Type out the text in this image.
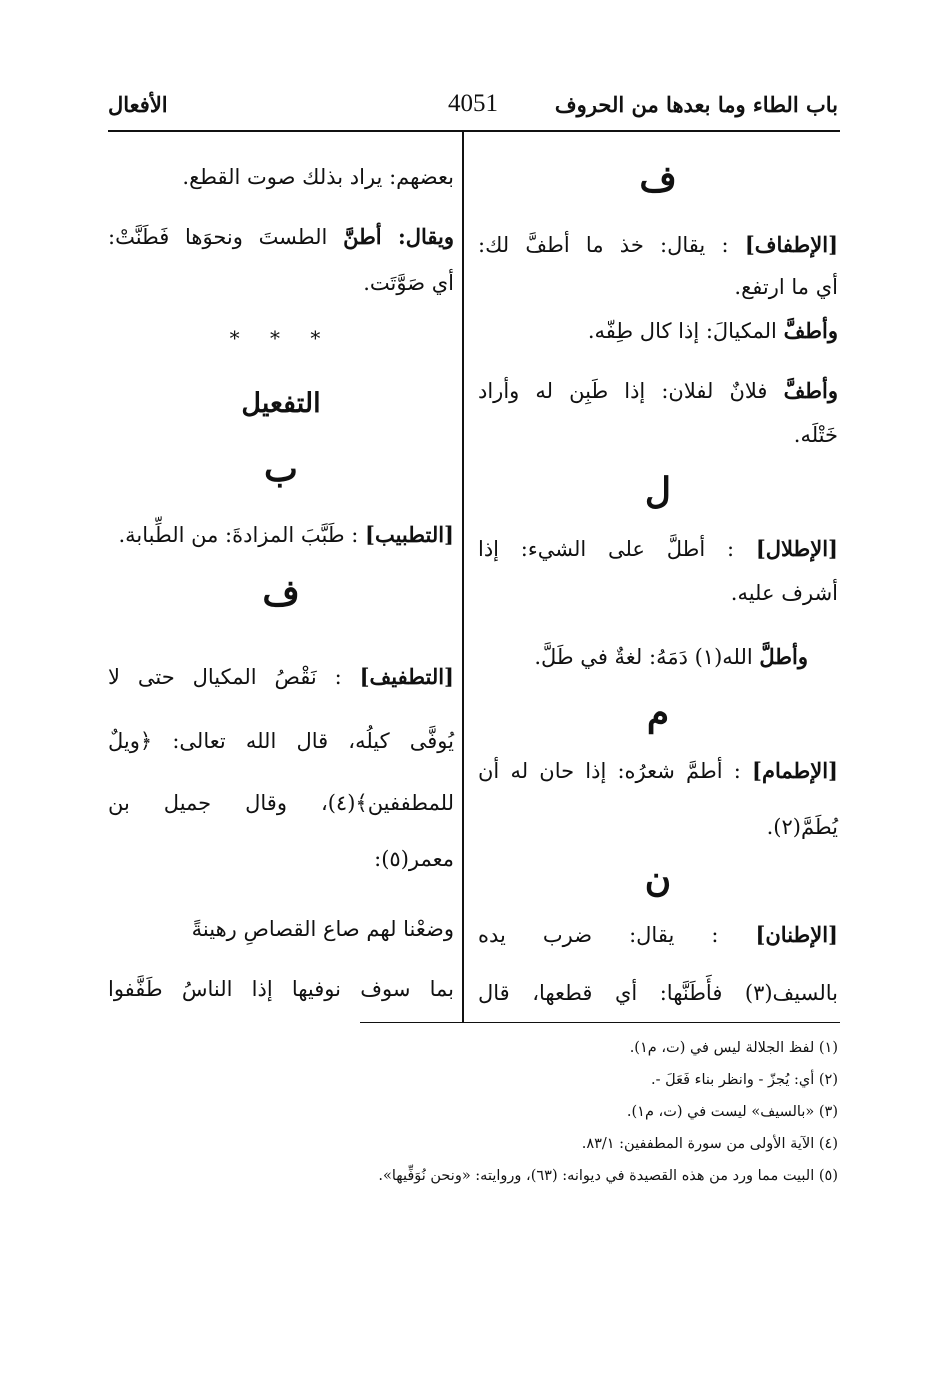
باب الطاء وما بعدها من الحروف
4051
الأفعال
ف
[الإطفاف] : يقال: خذ ما أطفَّ لك:
أي ما ارتفع.
وأطفَّ المكيالَ: إذا كال طِفّه.
وأطفَّ فلانٌ لفلان: إذا طَبِن له وأراد
خَتْلَه.
ل
[الإطلال] : أطلَّ على الشيء: إذا
أشرف عليه.
وأطلَّ الله(١) دَمَهُ: لغةٌ في طَلَّ.
م
[الإطمام] : أطمَّ شعرُه: إذا حان له أن
يُطَمَّ(٢).
ن
[الإطنان] : يقال: ضرب يده
بالسيف(٣) فأَطَنَّها: أي قطعها، قال
بعضهم: يراد بذلك صوت القطع.
ويقال: أطنَّ الطستَ ونحوَها فَطَنَّتْ:
أي صَوَّتَت.
* * *
التفعيل
ب
[التطبيب] : طَبَّبَ المزادةَ: من الطِّبابة.
ف
[التطفيف] : نَقْصُ المكيال حتى لا
يُوفَّى كيلُه، قال الله تعالى: ﴿ويلٌ
للمطففين﴾(٤)، وقال جميل بن
معمر(٥):
وضعْنا لهم صاع القصاصِ رهينةً
بما سوف نوفيها إذا الناسُ طَفَّفوا
(١) لفظ الجلالة ليس في (ت، م١).
(٢) أي: يُجزّ - وانظر بناء فَعَلَ -.
(٣) «بالسيف» ليست في (ت، م١).
(٤) الآية الأولى من سورة المطففين: ٨٣/١.
(٥) البيت مما ورد من هذه القصيدة في ديوانه: (٦٣)، وروايته: «ونحن نُوَفِّيها».
